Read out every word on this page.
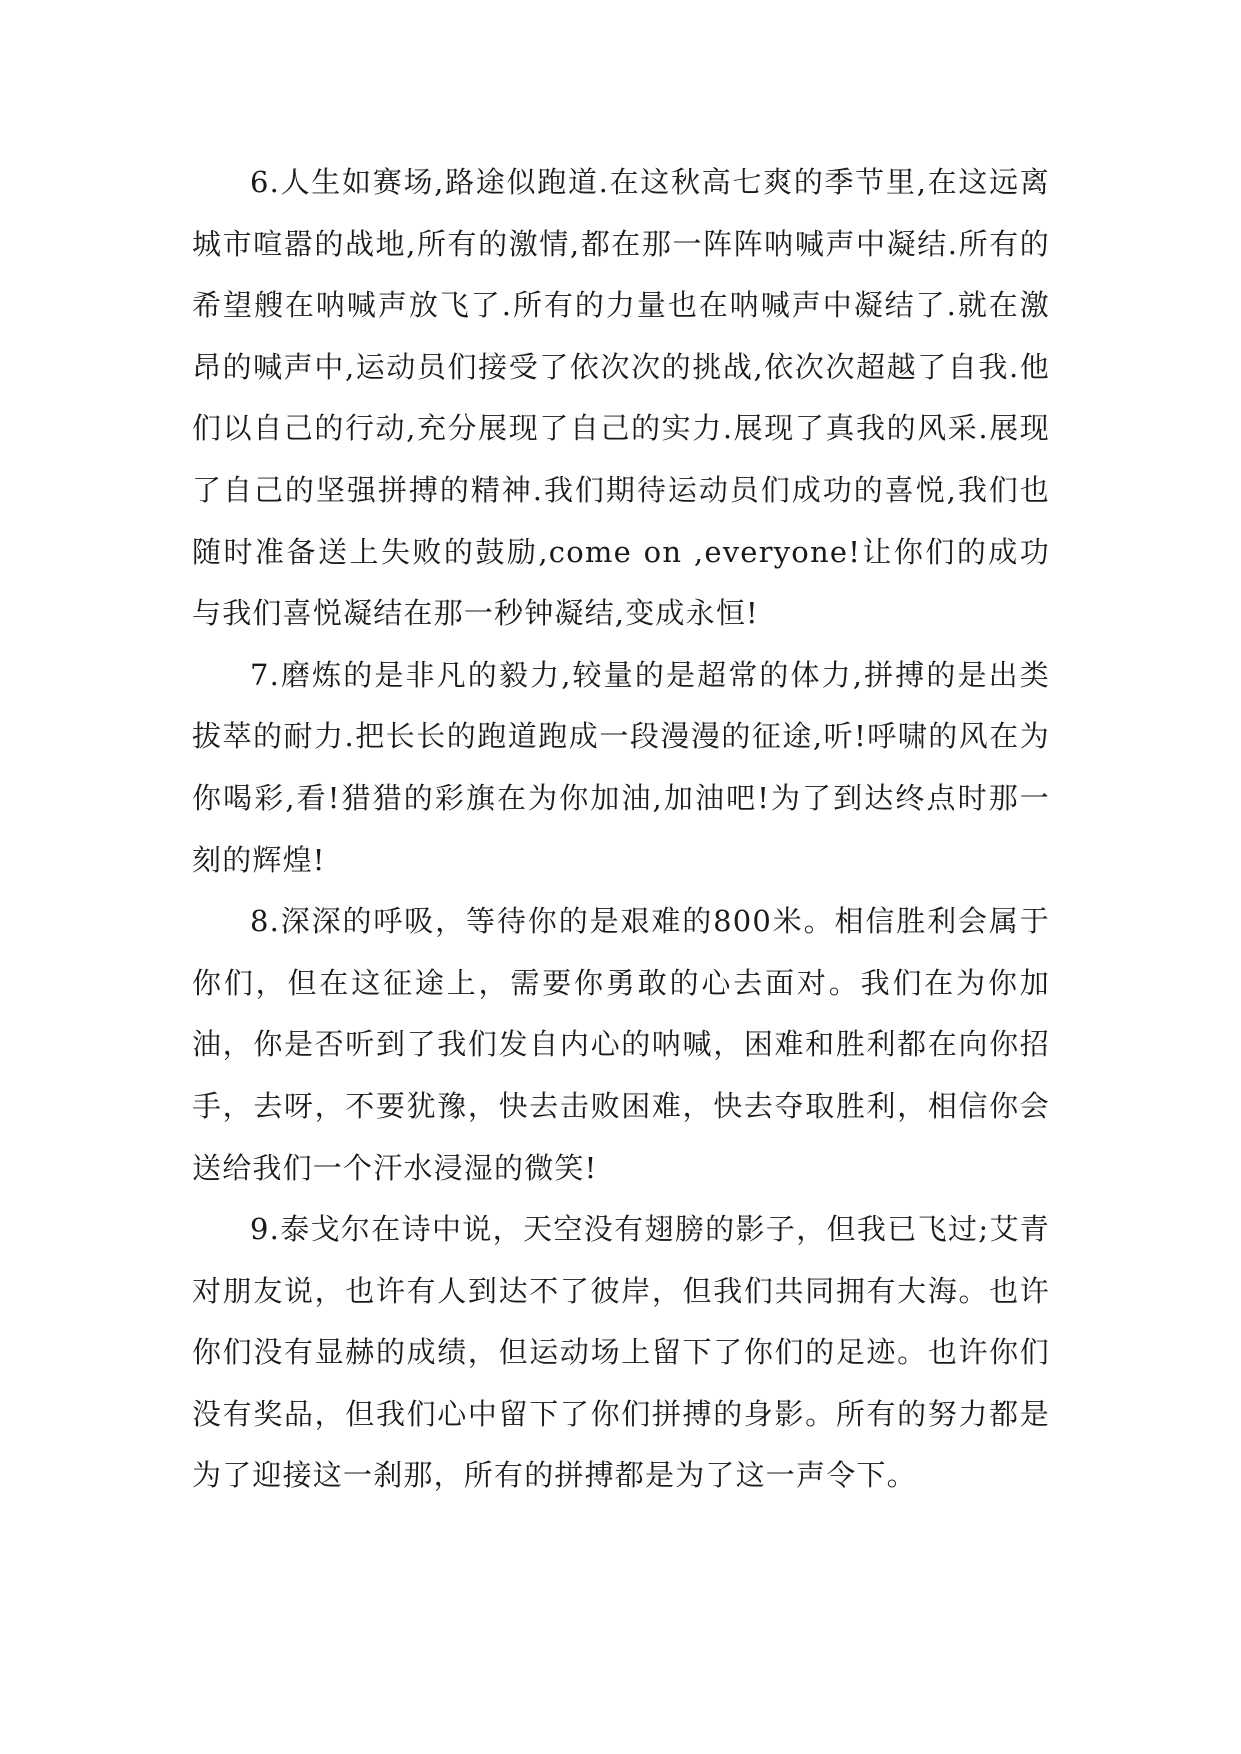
6.人生如赛场,路途似跑道.在这秋高七爽的季节里,在这远离城市喧嚣的战地,所有的激情,都在那一阵阵呐喊声中凝结.所有的希望艘在呐喊声放飞了.所有的力量也在呐喊声中凝结了.就在激昂的喊声中,运动员们接受了依次次的挑战,依次次超越了自我.他们以自己的行动,充分展现了自己的实力.展现了真我的风采.展现了自己的坚强拼搏的精神.我们期待运动员们成功的喜悦,我们也随时准备送上失败的鼓励,come on ,everyone!让你们的成功与我们喜悦凝结在那一秒钟凝结,变成永恒!

7.磨炼的是非凡的毅力,较量的是超常的体力,拼搏的是出类拔萃的耐力.把长长的跑道跑成一段漫漫的征途,听!呼啸的风在为你喝彩,看!猎猎的彩旗在为你加油,加油吧!为了到达终点时那一刻的辉煌!

8.深深的呼吸，等待你的是艰难的800米。相信胜利会属于你们，但在这征途上，需要你勇敢的心去面对。我们在为你加油，你是否听到了我们发自内心的呐喊，困难和胜利都在向你招手，去呀，不要犹豫，快去击败困难，快去夺取胜利，相信你会送给我们一个汗水浸湿的微笑!

9.泰戈尔在诗中说，天空没有翅膀的影子，但我已飞过;艾青对朋友说，也许有人到达不了彼岸，但我们共同拥有大海。也许你们没有显赫的成绩，但运动场上留下了你们的足迹。也许你们没有奖品，但我们心中留下了你们拼搏的身影。所有的努力都是为了迎接这一刹那，所有的拼搏都是为了这一声令下。
